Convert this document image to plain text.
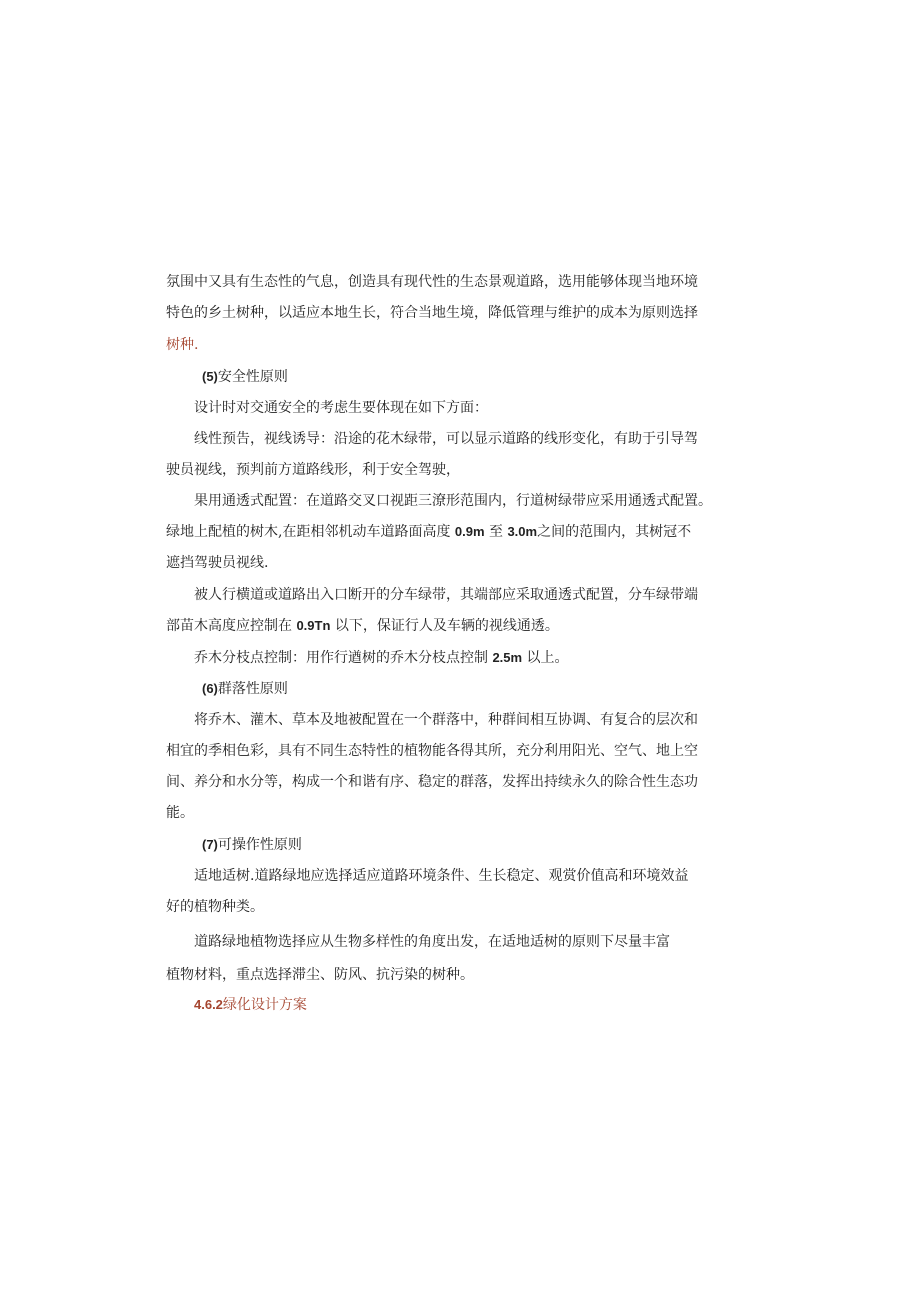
氛围中又具有生态性的气息，创造具有现代性的生态景观道路，选用能够体现当地环境
特色的乡土树种，以适应本地生长，符合当地生境，降低管理与维护的成本为原则选择
树种.
(5)安全性原则
设计时对交通安全的考虑生要体现在如下方面：
线性预告，视线诱导：沿途的花木绿带，可以显示道路的线形变化，有助于引导驾
驶员视线，预判前方道路线形，利于安全驾驶，
果用通透式配置：在道路交叉口视距三潦形范围内，行道树绿带应采用通透式配置。
绿地上配植的树木,在距相邻机动车道路面高度 0.9m 至 3.0m之间的范围内，其树冠不
遮挡驾驶员视线.
被人行横道或道路出入口断开的分车绿带，其端部应采取通透式配置，分车绿带端
部苗木高度应控制在 0.9Tn 以下，保证行人及车辆的视线通透。
乔木分枝点控制：用作行遒树的乔木分枝点控制 2.5m 以上。
(6)群落性原则
将乔木、灌木、草本及地被配置在一个群落中，种群间相互协调、有复合的层次和
相宜的季相色彩，具有不同生态特性的植物能各得其所，充分利用阳光、空气、地上空
间、养分和水分等，构成一个和谐有序、稳定的群落，发挥出持续永久的除合性生态功
能。
(7)可操作性原则
适地适树.道路绿地应选择适应道路环境条件、生长稳定、观赏价值高和环境效益
好的植物种类。
道路绿地植物选择应从生物多样性的角度出发，在适地适树的原则下尽量丰富
植物材料，重点选择滞尘、防风、抗污染的树种。
4.6.2绿化设计方案
